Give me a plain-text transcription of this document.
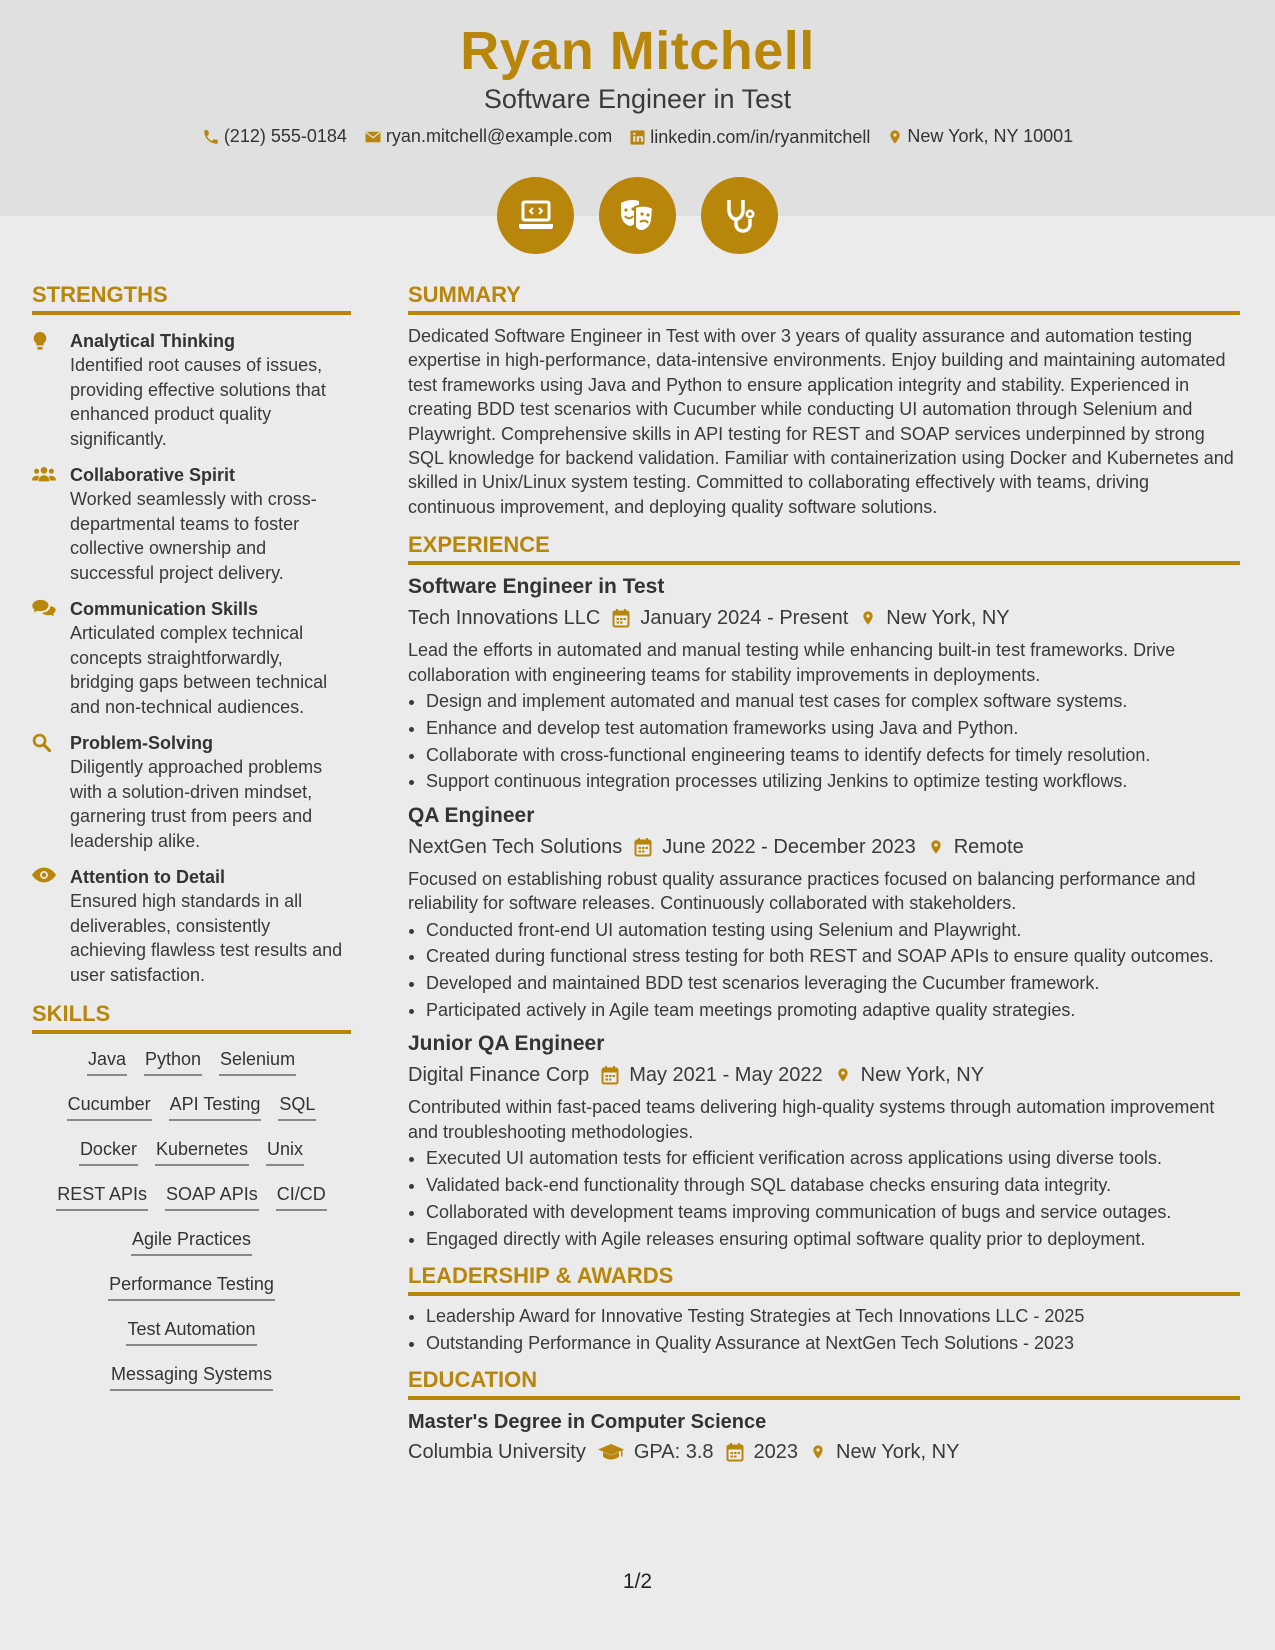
Ryan Mitchell
Software Engineer in Test
(212) 555-0184
ryan.mitchell@example.com
linkedin.com/in/ryanmitchell
New York, NY 10001
STRENGTHS
Analytical Thinking
Identified root causes of issues, providing effective solutions that enhanced product quality significantly.
Collaborative Spirit
Worked seamlessly with cross-departmental teams to foster collective ownership and successful project delivery.
Communication Skills
Articulated complex technical concepts straightforwardly, bridging gaps between technical and non-technical audiences.
Problem-Solving
Diligently approached problems with a solution-driven mindset, garnering trust from peers and leadership alike.
Attention to Detail
Ensured high standards in all deliverables, consistently achieving flawless test results and user satisfaction.
SKILLS
Java Python Selenium
Cucumber API Testing SQL
Docker Kubernetes Unix
REST APIs SOAP APIs CI/CD
Agile Practices
Performance Testing
Test Automation
Messaging Systems
SUMMARY

Dedicated Software Engineer in Test with over 3 years of quality assurance and automation testing expertise in high-performance, data-intensive environments. Enjoy building and maintaining automated test frameworks using Java and Python to ensure application integrity and stability. Experienced in creating BDD test scenarios with Cucumber while conducting UI automation through Selenium and Playwright. Comprehensive skills in API testing for REST and SOAP services underpinned by strong SQL knowledge for backend validation. Familiar with containerization using Docker and Kubernetes and skilled in Unix/Linux system testing. Committed to collaborating effectively with teams, driving continuous improvement, and deploying quality software solutions.

EXPERIENCE
Software Engineer in Test
Tech Innovations LLC January 2024 - Present New York, NY
Lead the efforts in automated and manual testing while enhancing built-in test frameworks. Drive collaboration with engineering teams for stability improvements in deployments.
• Design and implement automated and manual test cases for complex software systems.
• Enhance and develop test automation frameworks using Java and Python.
• Collaborate with cross-functional engineering teams to identify defects for timely resolution.
• Support continuous integration processes utilizing Jenkins to optimize testing workflows.
QA Engineer
NextGen Tech Solutions June 2022 - December 2023 Remote
Focused on establishing robust quality assurance practices focused on balancing performance and reliability for software releases. Continuously collaborated with stakeholders.
• Conducted front-end UI automation testing using Selenium and Playwright.
• Created during functional stress testing for both REST and SOAP APIs to ensure quality outcomes.
• Developed and maintained BDD test scenarios leveraging the Cucumber framework.
• Participated actively in Agile team meetings promoting adaptive quality strategies.
Junior QA Engineer
Digital Finance Corp May 2021 - May 2022 New York, NY
Contributed within fast-paced teams delivering high-quality systems through automation improvement and troubleshooting methodologies.
• Executed UI automation tests for efficient verification across applications using diverse tools.
• Validated back-end functionality through SQL database checks ensuring data integrity.
• Collaborated with development teams improving communication of bugs and service outages.
• Engaged directly with Agile releases ensuring optimal software quality prior to deployment.
LEADERSHIP & AWARDS
• Leadership Award for Innovative Testing Strategies at Tech Innovations LLC - 2025
• Outstanding Performance in Quality Assurance at NextGen Tech Solutions - 2023
EDUCATION
Master's Degree in Computer Science
Columbia University GPA: 3.8 2023 New York, NY
1/2
